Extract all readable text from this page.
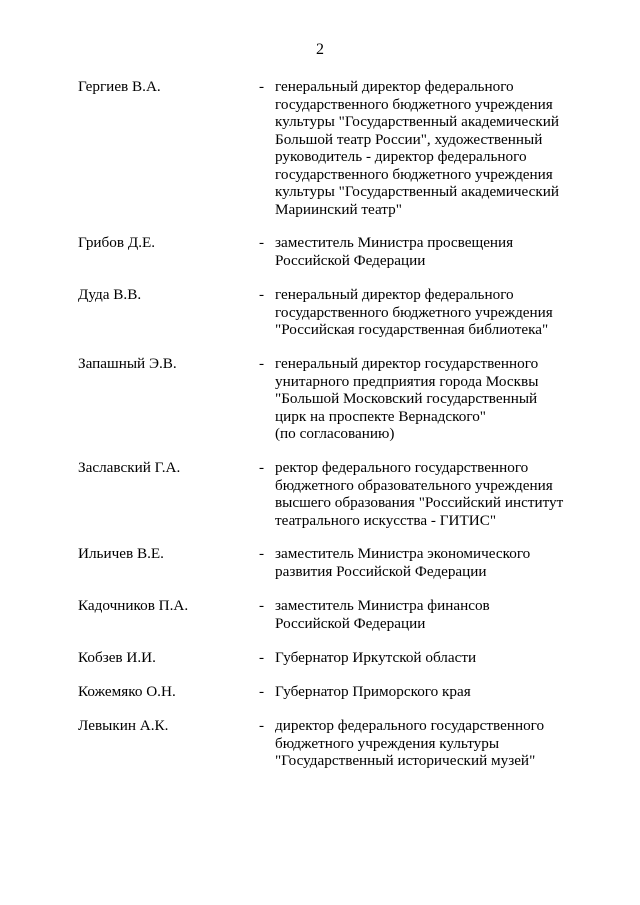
2
Гергиев В.А.	- генеральный директор федерального
государственного бюджетного учреждения
культуры "Государственный академический
Большой театр России", художественный
руководитель - директор федерального
государственного бюджетного учреждения
культуры "Государственный академический
Мариинский театр"
Грибов Д.Е.	- заместитель Министра просвещения
Российской Федерации
Дуда В.В.	- генеральный директор федерального
государственного бюджетного учреждения
"Российская государственная библиотека"
Запашный Э.В.	- генеральный директор государственного
унитарного предприятия города Москвы
"Большой Московский государственный
цирк на проспекте Вернадского"
(по согласованию)
Заславский Г.А.	- ректор федерального государственного
бюджетного образовательного учреждения
высшего образования "Российский институт
театрального искусства - ГИТИС"
Ильичев В.Е.	- заместитель Министра экономического
развития Российской Федерации
Кадочников П.А.	- заместитель Министра финансов
Российской Федерации
Кобзев И.И.	- Губернатор Иркутской области
Кожемяко О.Н.	- Губернатор Приморского края
Левыкин А.К.	- директор федерального государственного
бюджетного учреждения культуры
"Государственный исторический музей"
